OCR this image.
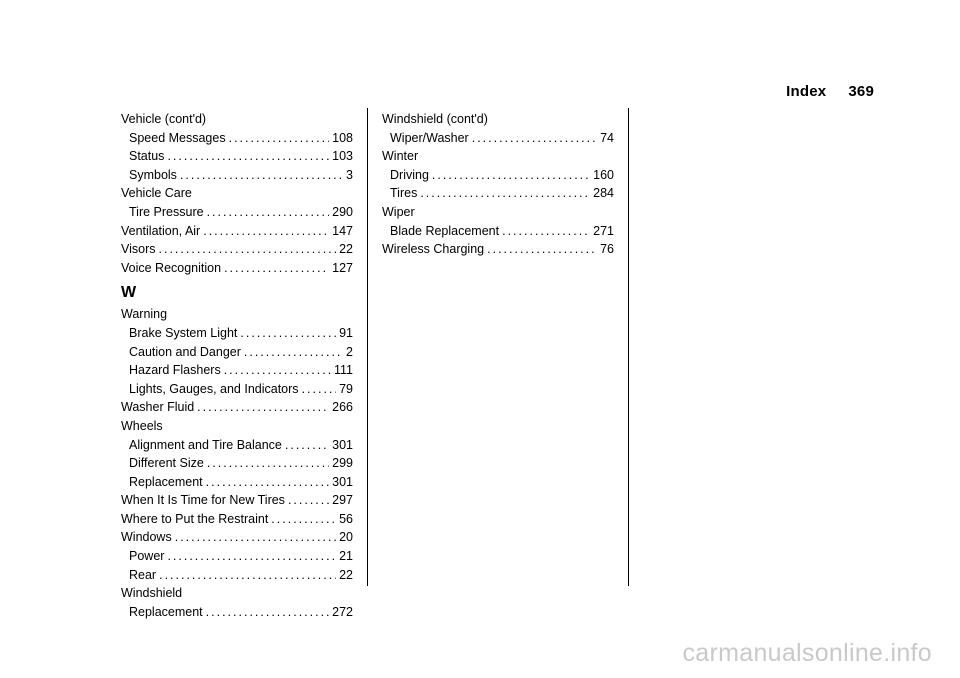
Index 369
Vehicle (cont'd)
Speed Messages .....	108
Status .....	103
Symbols .....	3
Vehicle Care
Tire Pressure .....	290
Ventilation, Air .....	147
Visors .....	22
Voice Recognition .....	127
W
Warning
Brake System Light .....	91
Caution and Danger .....	2
Hazard Flashers .....	111
Lights, Gauges, and Indicators .....	79
Washer Fluid .....	266
Wheels
Alignment and Tire Balance .....	301
Different Size .....	299
Replacement .....	301
When It Is Time for New Tires .....	297
Where to Put the Restraint .....	56
Windows .....	20
Power .....	21
Rear .....	22
Windshield
Replacement .....	272
Windshield (cont'd)
Wiper/Washer .....	74
Winter
Driving .....	160
Tires .....	284
Wiper
Blade Replacement .....	271
Wireless Charging .....	76
carmanualsonline.info
